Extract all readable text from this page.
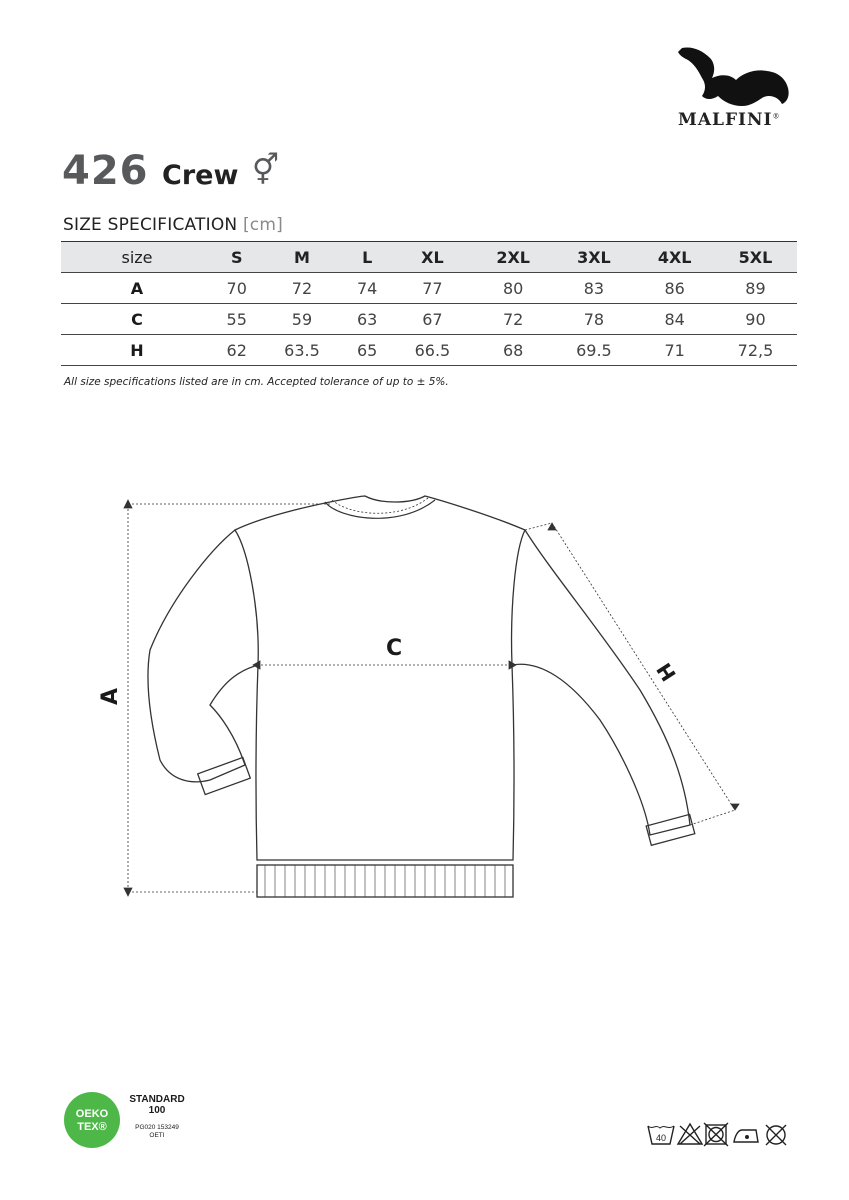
MALFINI®
426 Crew ⚥
SIZE SPECIFICATION [cm]
size	S	M	L	XL	2XL	3XL	4XL	5XL
A	70	72	74	77	80	83	86	89
C	55	59	63	67	72	78	84	90
H	62	63.5	65	66.5	68	69.5	71	72,5
All size specifications listed are in cm. Accepted tolerance of up to ± 5%.
A
C
H
OEKO
TEX®
STANDARD
100
PG020 153249
OETI	40
